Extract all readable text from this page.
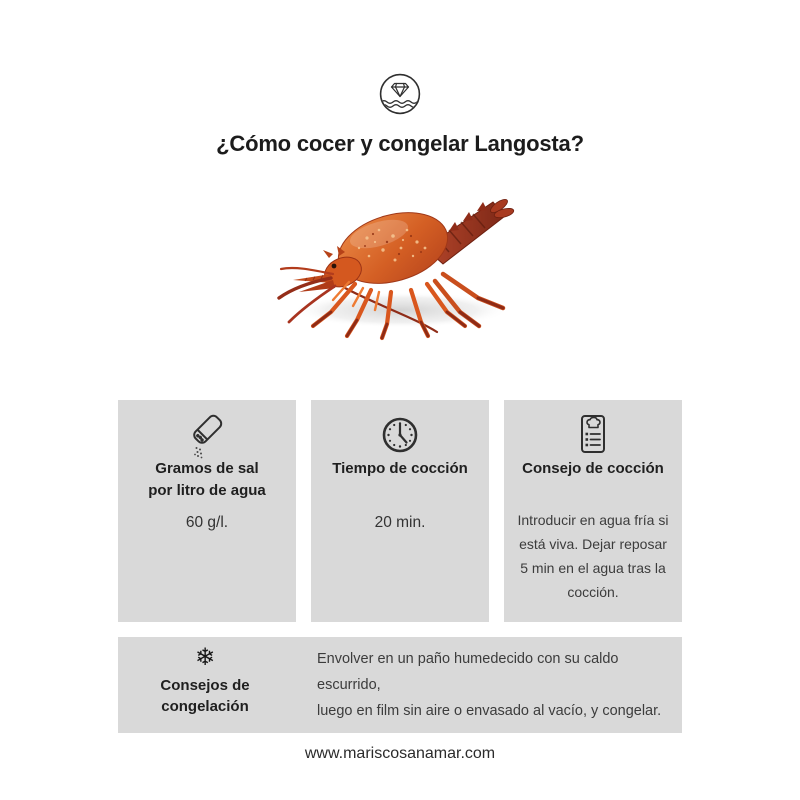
¿Cómo cocer y congelar Langosta?
Gramos de sal
por litro de agua
60 g/l.
Tiempo de cocción
20 min.
Consejo de cocción
Introducir en agua fría si
está viva. Dejar reposar
5 min en el agua tras la
cocción.
❄
Consejos de
congelación
Envolver en un paño humedecido con su caldo escurrido,
luego en film sin aire o envasado al vacío, y congelar.
www.mariscosanamar.com
